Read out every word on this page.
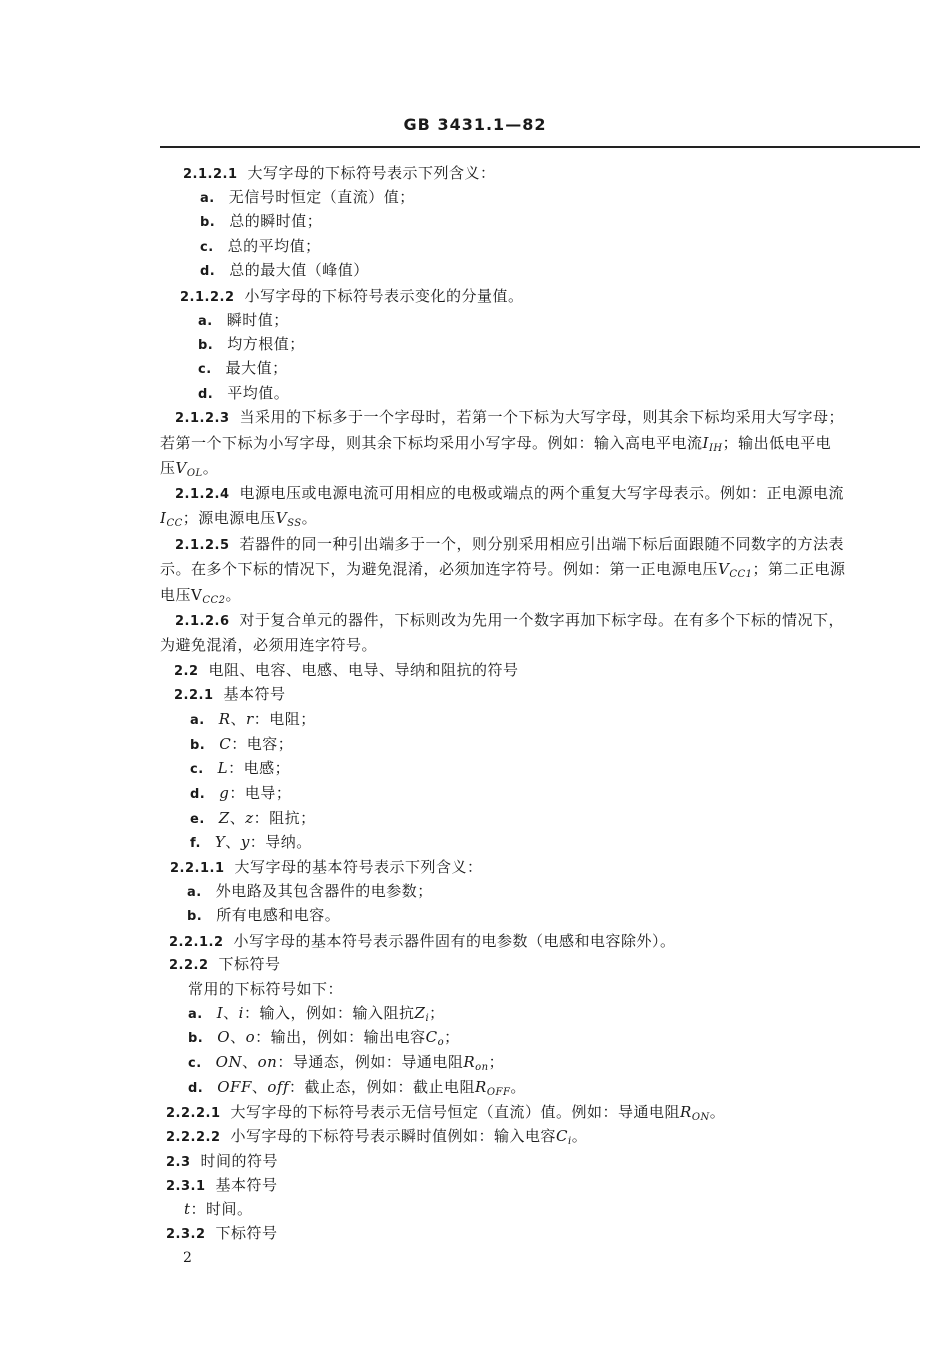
GB 3431.1—82
2.1.2.1 大写字母的下标符号表示下列含义：
a. 无信号时恒定（直流）值；
b. 总的瞬时值；
c. 总的平均值；
d. 总的最大值（峰值）
2.1.2.2 小写字母的下标符号表示变化的分量值。
a. 瞬时值；
b. 均方根值；
c. 最大值；
d. 平均值。
2.1.2.3 当采用的下标多于一个字母时，若第一个下标为大写字母，则其余下标均采用大写字母；
若第一个下标为小写字母，则其余下标均采用小写字母。例如：输入高电平电流$I_{IH}$；输出低电平电
压$V_{OL}$。
2.1.2.4 电源电压或电源电流可用相应的电极或端点的两个重复大写字母表示。例如：正电源电流
$I_{CC}$；源电源电压$V_{SS}$。
2.1.2.5 若器件的同一种引出端多于一个，则分别采用相应引出端下标后面跟随不同数字的方法表
示。在多个下标的情况下，为避免混淆，必须加连字符号。例如：第一正电源电压$V_{CC1}$；第二正电源
电压$V_{CC2}$。
2.1.2.6 对于复合单元的器件，下标则改为先用一个数字再加下标字母。在有多个下标的情况下，
为避免混淆，必须用连字符号。
2.2 电阻、电容、电感、电导、导纳和阻抗的符号
2.2.1 基本符号
a. R、r：电阻；
b. C：电容；
c. L：电感；
d. g：电导；
e. Z、z：阻抗；
f. Y、y：导纳。
2.2.1.1 大写字母的基本符号表示下列含义：
a. 外电路及其包含器件的电参数；
b. 所有电感和电容。
2.2.1.2 小写字母的基本符号表示器件固有的电参数（电感和电容除外）。
2.2.2 下标符号
常用的下标符号如下：
a. I、i：输入，例如：输入阻抗$Z_i$；
b. O、o：输出，例如：输出电容$C_o$；
c. ON、on：导通态，例如：导通电阻$R_{on}$；
d. OFF、off：截止态，例如：截止电阻$R_{OFF}$。
2.2.2.1 大写字母的下标符号表示无信号恒定（直流）值。例如：导通电阻$R_{ON}$。
2.2.2.2 小写字母的下标符号表示瞬时值例如：输入电容$C_i$。
2.3 时间的符号
2.3.1 基本符号
t：时间。
2.3.2 下标符号
2
